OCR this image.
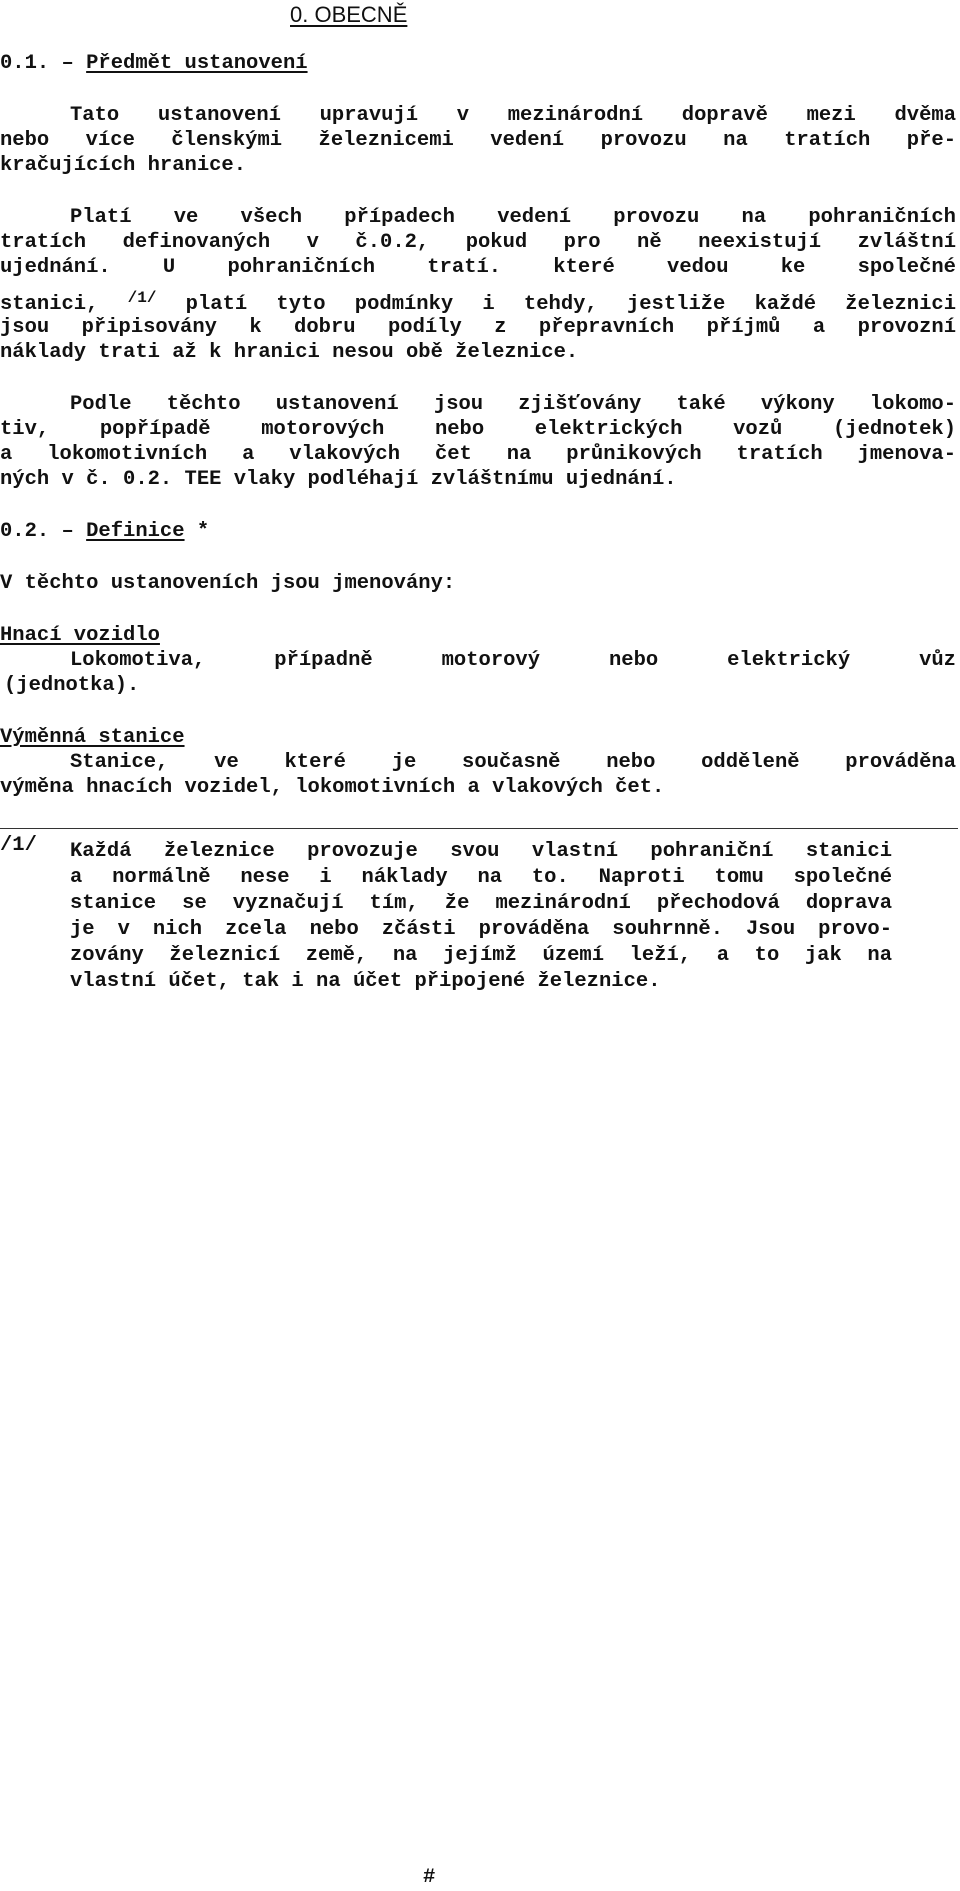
0. OBECNĚ
0.1. – Předmět ustanovení
Tato ustanovení upravují v mezinárodní dopravě mezi dvěma
nebo více členskými železnicemi vedení provozu na tratích pře-
kračujících hranice.
Platí ve všech případech vedení provozu na pohraničních
tratích definovaných v č.0.2, pokud pro ně neexistují zvláštní
ujednání. U pohraničních tratí. které vedou ke společné
stanici, $^{/1/}$ platí tyto podmínky i tehdy, jestliže každé železnici
jsou připisovány k dobru podíly z přepravních příjmů a provozní
náklady trati až k hranici nesou obě železnice.
Podle těchto ustanovení jsou zjišťovány také výkony lokomo-
tiv, popřípadě motorových nebo elektrických vozů (jednotek)
a lokomotivních a vlakových čet na průnikových tratích jmenova-
ných v č. 0.2. TEE vlaky podléhají zvláštnímu ujednání.
0.2. – Definice *
V těchto ustanoveních jsou jmenovány:
Hnací vozidlo
Lokomotiva, případně motorový nebo elektrický vůz
(jednotka).
Výměnná stanice
Stanice, ve které je současně nebo odděleně prováděna
výměna hnacích vozidel, lokomotivních a vlakových čet.
/1/ Každá železnice provozuje svou vlastní pohraniční stanici
a normálně nese i náklady na to. Naproti tomu společné
stanice se vyznačují tím, že mezinárodní přechodová doprava
je v nich zcela nebo zčásti prováděna souhrnně. Jsou provo-
zovány železnicí země, na jejímž území leží, a to jak na
vlastní účet, tak i na účet připojené železnice.
#
